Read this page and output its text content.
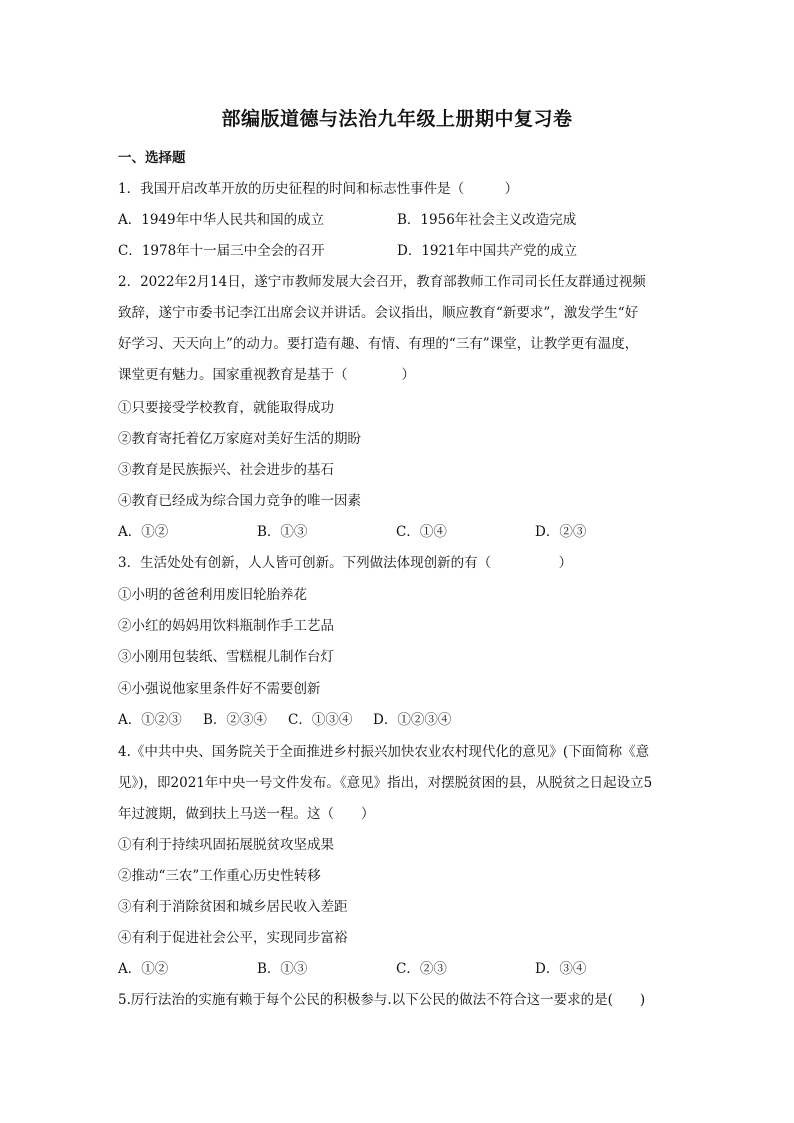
部编版道德与法治九年级上册期中复习卷
一、选择题
1．我国开启改革开放的历史征程的时间和标志性事件是（　　　）
A．1949年中华人民共和国的成立	B．1956年社会主义改造完成
C．1978年十一届三中全会的召开	D．1921年中国共产党的成立
2．2022年2月14日，遂宁市教师发展大会召开，教育部教师工作司司长任友群通过视频
致辞，遂宁市委书记李江出席会议并讲话。会议指出，顺应教育“新要求”，激发学生“好
好学习、天天向上”的动力。要打造有趣、有情、有理的“三有”课堂，让教学更有温度，
课堂更有魅力。国家重视教育是基于（　　　　）
①只要接受学校教育，就能取得成功
②教育寄托着亿万家庭对美好生活的期盼
③教育是民族振兴、社会进步的基石
④教育已经成为综合国力竞争的唯一因素
A．①②	B．①③	C．①④	D．②③
3．生活处处有创新，人人皆可创新。下列做法体现创新的有（　　　　　）
①小明的爸爸利用废旧轮胎养花
②小红的妈妈用饮料瓶制作手工艺品
③小刚用包装纸、雪糕棍儿制作台灯
④小强说他家里条件好不需要创新
A．①②③ B．②③④ C．①③④ D．①②③④
4.《中共中央、国务院关于全面推进乡村振兴加快农业农村现代化的意见》(下面简称《意
见》)，即2021年中央一号文件发布。《意见》指出，对摆脱贫困的县，从脱贫之日起设立5
年过渡期，做到扶上马送一程。这（　　）
①有利于持续巩固拓展脱贫攻坚成果
②推动“三农”工作重心历史性转移
③有利于消除贫困和城乡居民收入差距
④有利于促进社会公平，实现同步富裕
A．①②	B．①③	C．②③	D．③④
5.厉行法治的实施有赖于每个公民的积极参与.以下公民的做法不符合这一要求的是(　　)
